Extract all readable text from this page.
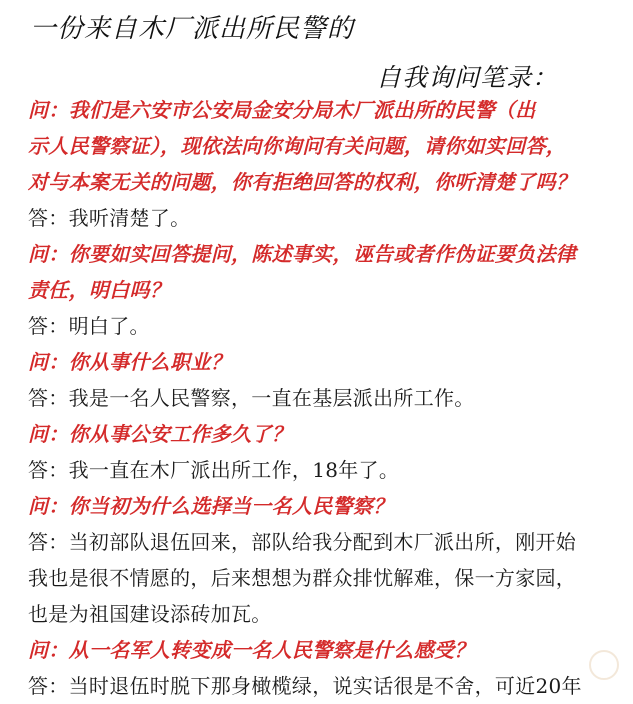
一份来自木厂派出所民警的
自我询问笔录：
问：我们是六安市公安局金安分局木厂派出所的民警（出
示人民警察证），现依法向你询问有关问题，请你如实回答，
对与本案无关的问题，你有拒绝回答的权利，你听清楚了吗？
答：我听清楚了。
问：你要如实回答提问，陈述事实，诬告或者作伪证要负法律
责任，明白吗？
答：明白了。
问：你从事什么职业？
答：我是一名人民警察，一直在基层派出所工作。
问：你从事公安工作多久了？
答：我一直在木厂派出所工作，18年了。
问：你当初为什么选择当一名人民警察？
答：当初部队退伍回来，部队给我分配到木厂派出所，刚开始
我也是很不情愿的，后来想想为群众排忧解难，保一方家园，
也是为祖国建设添砖加瓦。
问：从一名军人转变成一名人民警察是什么感受？
答：当时退伍时脱下那身橄榄绿，说实话很是不舍，可近20年
